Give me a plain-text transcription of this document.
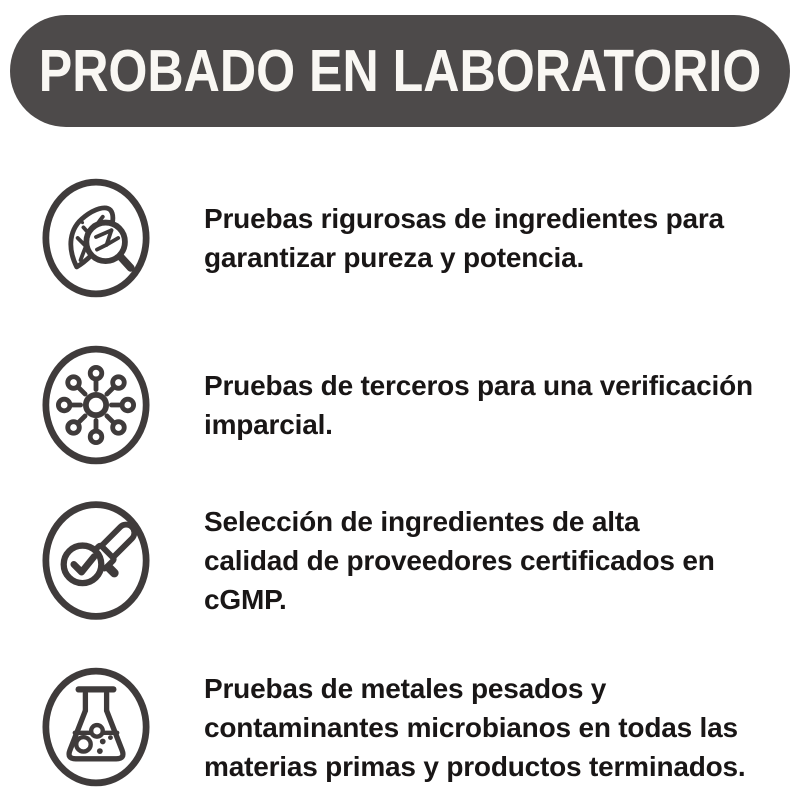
PROBADO EN LABORATORIO
Pruebas rigurosas de ingredientes para
garantizar pureza y potencia.
Pruebas de terceros para una verificación
imparcial.
Selección de ingredientes de alta
calidad de proveedores certificados en
cGMP.
Pruebas de metales pesados y
contaminantes microbianos en todas las
materias primas y productos terminados.
